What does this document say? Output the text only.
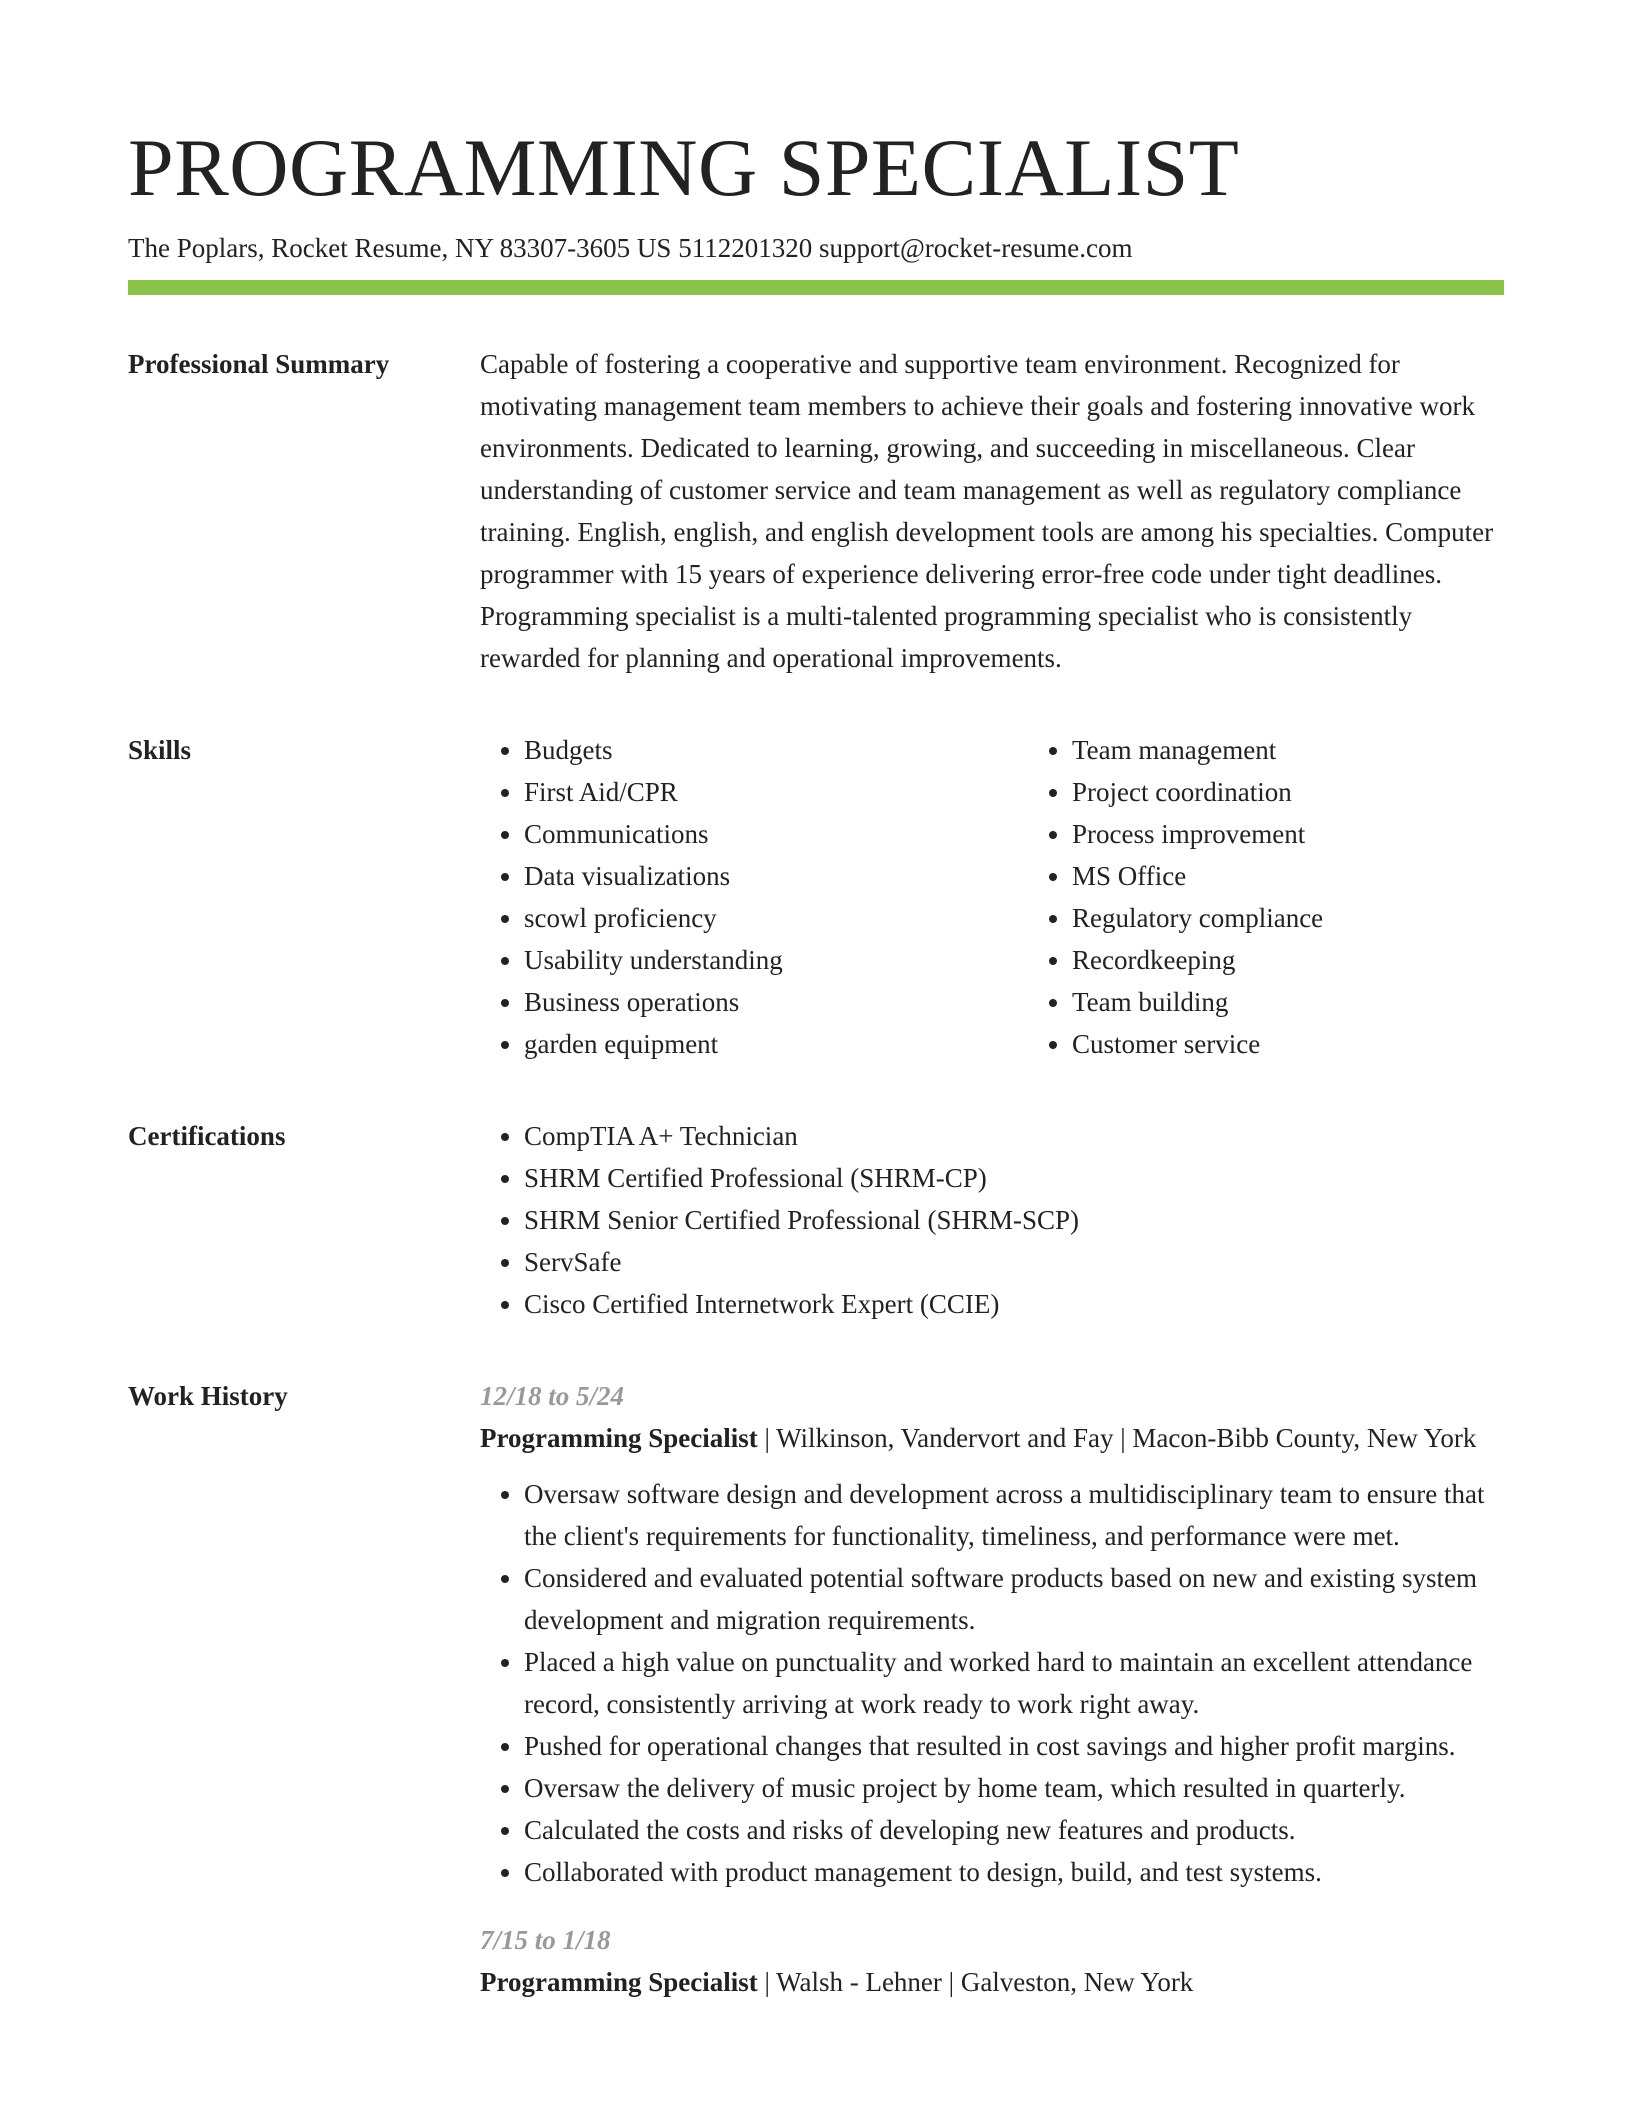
PROGRAMMING SPECIALIST
The Poplars, Rocket Resume, NY 83307-3605 US 5112201320 support@rocket-resume.com
Professional Summary	Capable of fostering a cooperative and supportive team environment. Recognized for motivating management team members to achieve their goals and fostering innovative work environments. Dedicated to learning, growing, and succeeding in miscellaneous. Clear understanding of customer service and team management as well as regulatory compliance training. English, english, and english development tools are among his specialties. Computer programmer with 15 years of experience delivering error-free code under tight deadlines. Programming specialist is a multi-talented programming specialist who is consistently rewarded for planning and operational improvements.

Skills	• Budgets
• First Aid/CPR
• Communications
• Data visualizations
• scowl proficiency
• Usability understanding
• Business operations
• garden equipment
• Team management
• Project coordination
• Process improvement
• MS Office
• Regulatory compliance
• Recordkeeping
• Team building
• Customer service
Certifications	• CompTIA A+ Technician
• SHRM Certified Professional (SHRM-CP)
• SHRM Senior Certified Professional (SHRM-SCP)
• ServSafe
• Cisco Certified Internetwork Expert (CCIE)
Work History	12/18 to 5/24
Programming Specialist | Wilkinson, Vandervort and Fay | Macon-Bibb County, New York
• Oversaw software design and development across a multidisciplinary team to ensure that the client's requirements for functionality, timeliness, and performance were met.
• Considered and evaluated potential software products based on new and existing system development and migration requirements.
• Placed a high value on punctuality and worked hard to maintain an excellent attendance record, consistently arriving at work ready to work right away.
• Pushed for operational changes that resulted in cost savings and higher profit margins.
• Oversaw the delivery of music project by home team, which resulted in quarterly.
• Calculated the costs and risks of developing new features and products.
• Collaborated with product management to design, build, and test systems.
7/15 to 1/18
Programming Specialist | Walsh - Lehner | Galveston, New York
